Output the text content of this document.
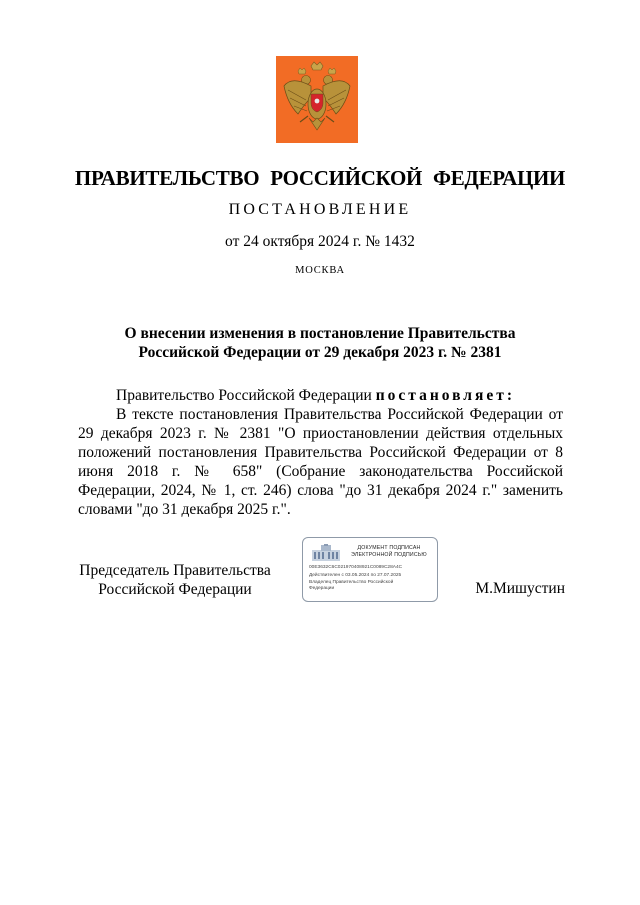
ПРАВИТЕЛЬСТВО РОССИЙСКОЙ ФЕДЕРАЦИИ
ПОСТАНОВЛЕНИЕ
от 24 октября 2024 г. № 1432
МОСКВА
О внесении изменения в постановление Правительства
Российской Федерации от 29 декабря 2023 г. № 2381
Правительство Российской Федерации постановляет:
В тексте постановления Правительства Российской Федерации от 29 декабря 2023 г. № 2381 "О приостановлении действия отдельных положений постановления Правительства Российской Федерации от 8 июня 2018 г. № 658" (Собрание законодательства Российской Федерации, 2024, № 1, ст. 246) слова "до 31 декабря 2024 г." заменить словами "до 31 декабря 2025 г.".
Председатель Правительства
Российской Федерации
ДОКУМЕНТ ПОДПИСАН
ЭЛЕКТРОННОЙ ПОДПИСЬЮ
00E3632C6C021970408921C0089C28A4C
Действителен с 03.05.2024 по 27.07.2025
Владелец Правительство Российской
Федерации	М.Мишустин
